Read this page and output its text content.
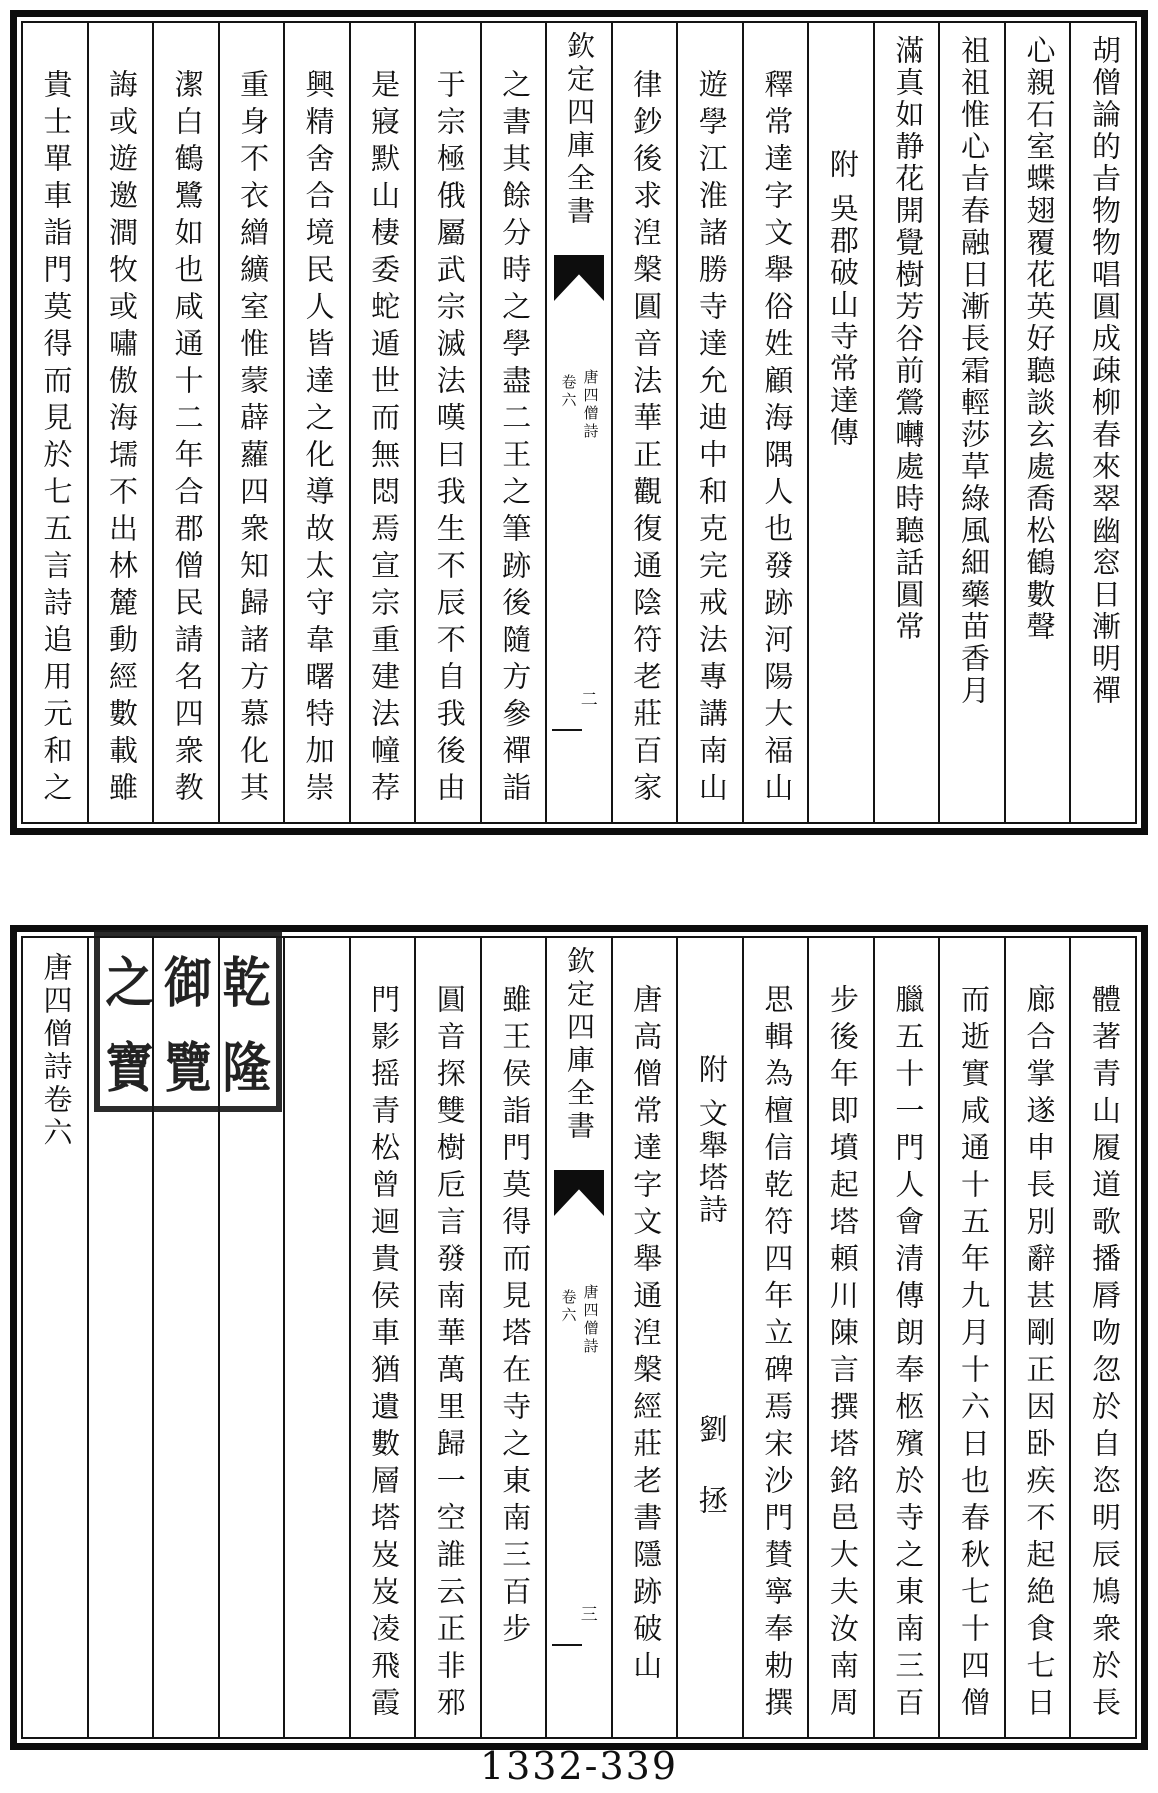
胡僧論的㫖物物唱圓成疎柳春來翠幽窓日漸明禪
心親石室蝶翅覆花英好聽談玄處喬松鶴數聲
祖祖惟心㫖春融日漸長霜輕莎草綠風細藥苗香月
滿真如静花開覺樹芳谷前鶯囀處時聽話圓常
附吳郡破山寺常達傳
釋常達字文舉俗姓顧海隅人也發跡河陽大福山
遊學江淮諸勝寺達允迪中和克完戒法專講南山
律鈔後求湼槃圓音法華正觀復通陰符老莊百家
欽定四庫全書
唐四僧詩
卷六
二
之書其餘分時之學盡二王之筆跡後隨方參禪詣
于宗極俄屬武宗滅法嘆曰我生不辰不自我後由
是寢默山棲委蛇遁世而無悶焉宣宗重建法幢荐
興精舍合境民人皆達之化導故太守韋曙特加崇
重身不衣繒纊室惟蒙薜蘿四衆知歸諸方慕化其
潔白鶴鷺如也咸通十二年合郡僧民請名四衆教
誨或遊邀澗牧或嘯傲海壖不出林麓動經數載雖
貴士單車詣門莫得而見於七五言詩追用元和之
體著青山履道歌播脣吻忽於自恣明辰鳩衆於長
廊合掌遂申長別辭甚剛正因卧疾不起絶食七日
而逝實咸通十五年九月十六日也春秋七十四僧
臘五十一門人會清傳朗奉柩殯於寺之東南三百
步後年即墳起塔頼川陳言撰塔銘邑大夫汝南周
思輯為檀信乾符四年立碑焉宋沙門賛寧奉勅撰
附文舉塔詩劉拯
唐高僧常達字文舉通湼槃經莊老書隱跡破山
欽定四庫全書
唐四僧詩
卷六
三
雖王侯詣門莫得而見塔在寺之東南三百步
圓音探雙樹卮言發南華萬里歸一空誰云正非邪
門影摇青松曾迴貴侯車猶遺數層塔岌岌凌飛霞
唐四僧詩卷六	乾
隆
御
覽
之
寶
1332-339
